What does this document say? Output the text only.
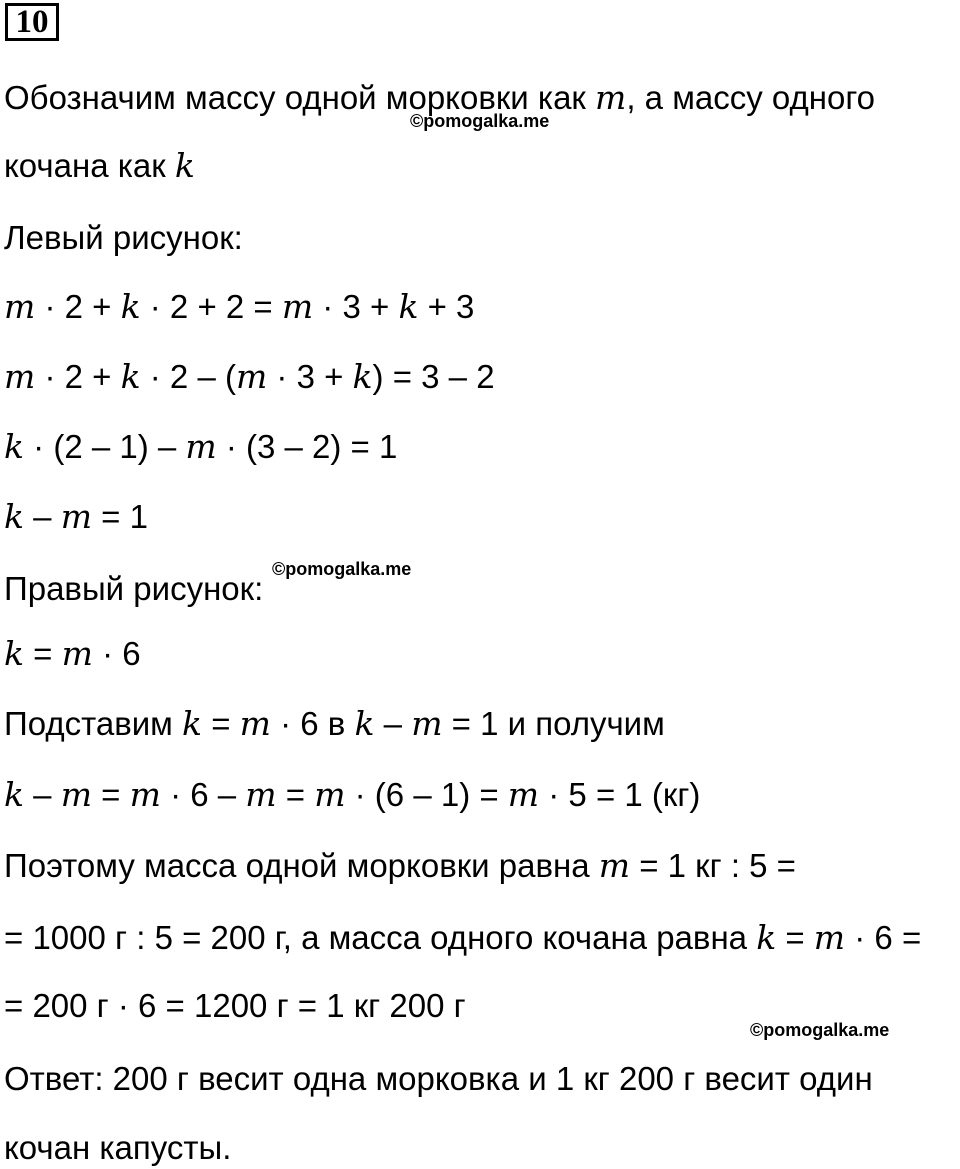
10
Обозначим массу одной морковки как m, а массу одного
кочана как k
Левый рисунок:
m · 2 + k · 2 + 2 = m · 3 + k + 3
m · 2 + k · 2 – (m · 3 + k) = 3 – 2
k · (2 – 1) – m · (3 – 2) = 1
k – m = 1
Правый рисунок:
k = m · 6
Подставим k = m · 6 в k – m = 1 и получим
k – m = m · 6 – m = m · (6 – 1) = m · 5 = 1 (кг)
Поэтому масса одной морковки равна m = 1 кг : 5 =
= 1000 г : 5 = 200 г, а масса одного кочана равна k = m · 6 =
= 200 г · 6 = 1200 г = 1 кг 200 г
Ответ: 200 г весит одна морковка и 1 кг 200 г весит один
кочан капусты.
©pomogalka.me
©pomogalka.me
©pomogalka.me
